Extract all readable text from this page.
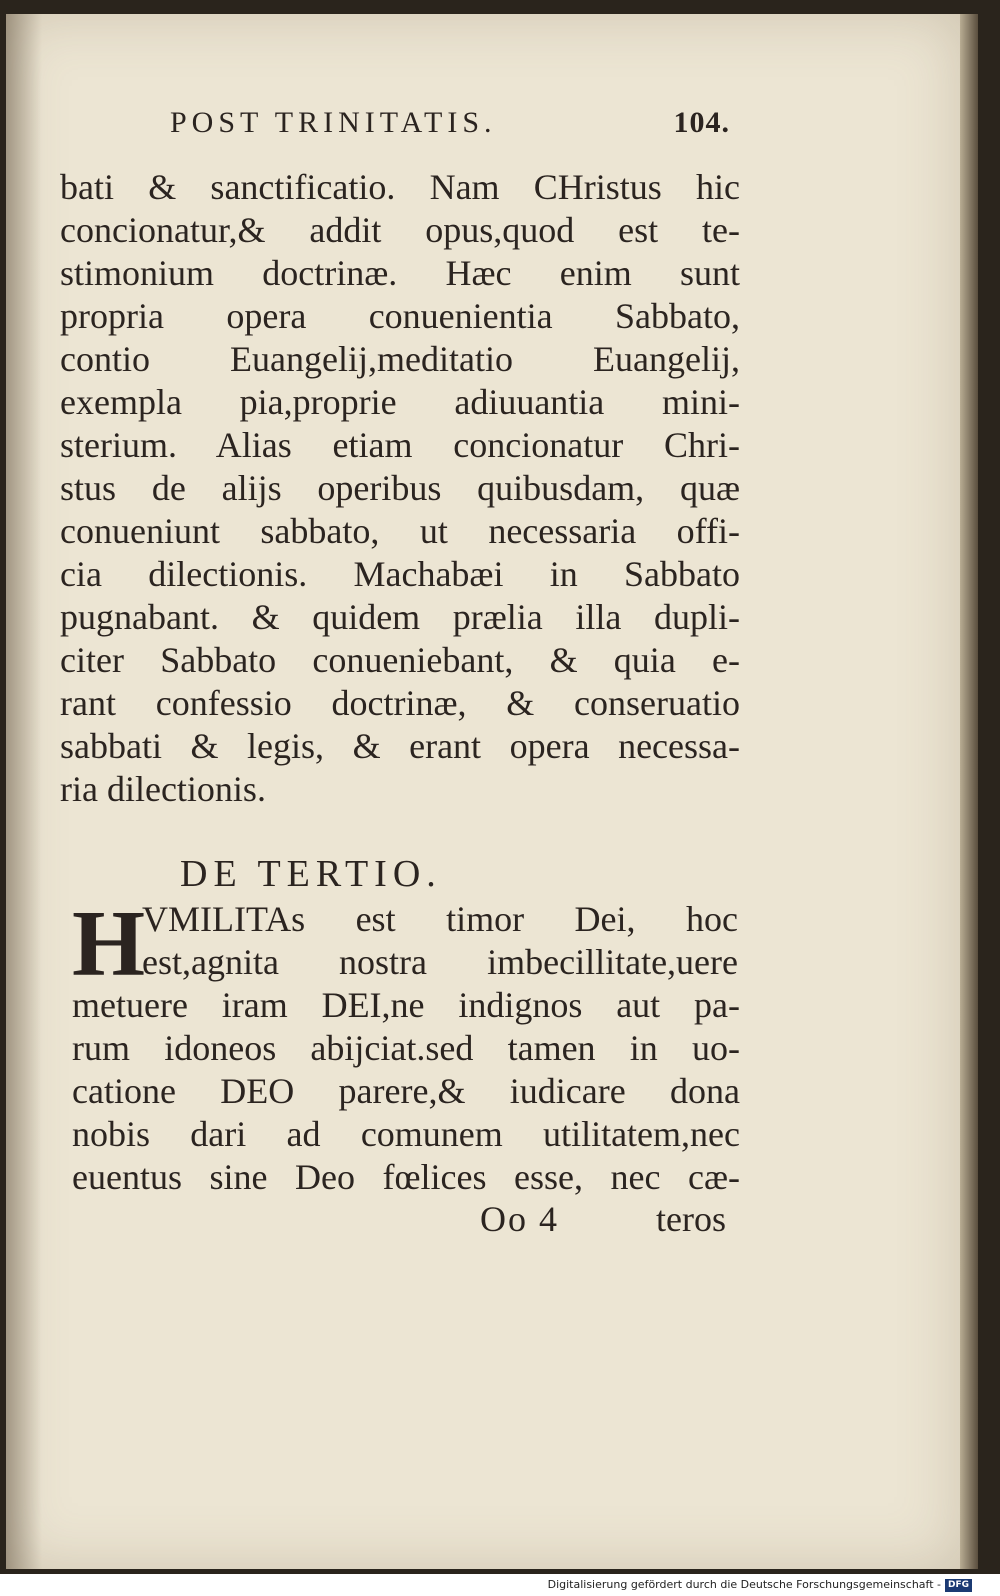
POST TRINITATIS.	104.
bati & sanctificatio. Nam CHristus hic
concionatur,& addit opus,quod est te-
stimonium doctrinæ. Hæc enim sunt
propria opera conuenientia Sabbato,
contio Euangelij,meditatio Euangelij,
exempla pia,proprie adiuuantia mini-
sterium. Alias etiam concionatur Chri-
stus de alijs operibus quibusdam, quæ
conueniunt sabbato, ut necessaria offi-
cia dilectionis. Machabæi in Sabbato
pugnabant. & quidem prælia illa dupli-
citer Sabbato conueniebant, & quia e-
rant confessio doctrinæ, & conseruatio
sabbati & legis, & erant opera necessa-
ria dilectionis.
DE TERTIO.
H
VMILITAs est timor Dei, hoc
est,agnita nostra imbecillitate,uere
metuere iram DEI,ne indignos aut pa-
rum idoneos abijciat.sed tamen in uo-
catione DEO parere,& iudicare dona
nobis dari ad comunem utilitatem,nec
euentus sine Deo fœlices esse, nec cæ-
Oo 4	teros
Digitalisierung gefördert durch die Deutsche Forschungsgemeinschaft - DFG
